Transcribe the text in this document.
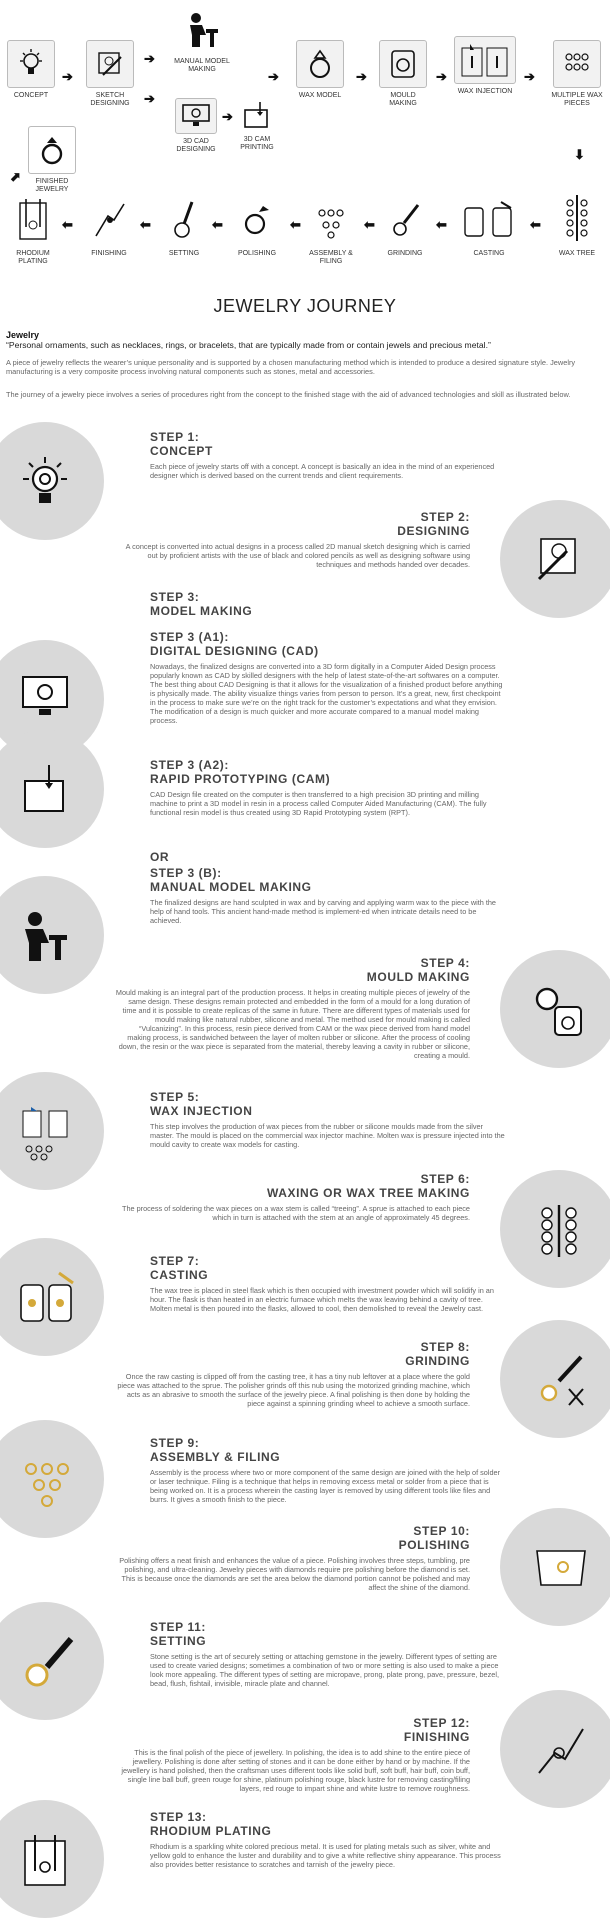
CONCEPT
➔
SKETCH DESIGNING
➔
➔
MANUAL MODEL MAKING
3D CAD DESIGNING
➔
3D CAM PRINTING
➔
WAX MODEL
➔
MOULD MAKING
➔
WAX INJECTION
➔
MULTIPLE WAX PIECES
⬇
FINISHED JEWELRY
⬈
RHODIUM PLATING
⬅
FINISHING
⬅
SETTING
⬅
POLISHING
⬅
ASSEMBLY & FILING
⬅
GRINDING
⬅
CASTING
⬅
WAX TREE
JEWELRY JOURNEY
Jewelry
“Personal ornaments, such as necklaces, rings, or bracelets, that are typically made from or contain jewels and precious metal.”
A piece of jewelry reflects the wearer’s unique personality and is supported by a chosen manufacturing method which is intended to produce a desired signature style. Jewelry manufacturing is a very composite process involving natural components such as stones, metal and accessories.
The journey of a jewelry piece involves a series of procedures right from the concept to the finished stage with the aid of advanced technologies and skill as illustrated below.
STEP 1:
CONCEPT
Each piece of jewelry starts off with a concept. A concept is basically an idea in the mind of an experienced designer which is derived based on the current trends and client requirements.
STEP 2:
DESIGNING
A concept is converted into actual designs in a process called 2D manual sketch designing which is carried out by proficient artists with the use of black and colored pencils as well as designing software using techniques and methods handed over decades.
STEP 3:
MODEL MAKING
STEP 3 (A1):
DIGITAL DESIGNING (CAD)
Nowadays, the finalized designs are converted into a 3D form digitally in a Computer Aided Design process popularly known as CAD by skilled designers with the help of latest state-of-the-art softwares on a computer. The best thing about CAD Designing is that it allows for the visualization of a finished product before anything is physically made. The ability visualize things varies from person to person. It’s a great, new, first checkpoint in the process to make sure we’re on the right track for the customer’s expectations and what they envision. The modification of a design is much quicker and more accurate compared to a manual model making process.
STEP 3 (A2):
RAPID PROTOTYPING (CAM)
CAD Design file created on the computer is then transferred to a high precision 3D printing and milling machine to print a 3D model in resin in a process called Computer Aided Manufacturing (CAM). The fully functional resin model is thus created using 3D Rapid Prototyping system (RPT).
OR
STEP 3 (B):
MANUAL MODEL MAKING
The finalized designs are hand sculpted in wax and by carving and applying warm wax to the piece with the help of hand tools. This ancient hand-made method is implement-ed when intricate details need to be achieved.
STEP 4:
MOULD MAKING
Mould making is an integral part of the production process. It helps in creating multiple pieces of jewelry of the same design. These designs remain protected and embedded in the form of a mould for a long duration of time and it is possible to create replicas of the same in future. There are different types of materials used for mould making like natural rubber, silicone and metal. The method used for mould making is called “Vulcanizing”. In this process, resin piece derived from CAM or the wax piece derived from hand model making process, is sandwiched between the layer of molten rubber or silicone. After the process of cooling down, the resin or the wax piece is separated from the material, thereby leaving a cavity in rubber or silicone, creating a mould.
STEP 5:
WAX INJECTION
This step involves the production of wax pieces from the rubber or silicone moulds made from the silver master. The mould is placed on the commercial wax injector machine. Molten wax is pressure injected into the mould cavity to create wax models for casting.
STEP 6:
WAXING OR WAX TREE MAKING
The process of soldering the wax pieces on a wax stem is called “treeing”. A sprue is attached to each piece which in turn is attached with the stem at an angle of approximately 45 degrees.
STEP 7:
CASTING
The wax tree is placed in steel flask which is then occupied with investment powder which will solidify in an hour. The flask is than heated in an electric furnace which melts the wax leaving behind a cavity of tree. Molten metal is then poured into the flasks, allowed to cool, then demolished to reveal the Jewelry cast.
STEP 8:
GRINDING
Once the raw casting is clipped off from the casting tree, it has a tiny nub leftover at a place where the gold piece was attached to the sprue. The polisher grinds off this nub using the motorized grinding machine, which acts as an abrasive to smooth the surface of the jewelry piece. A final polishing is then done by holding the piece against a spinning grinding wheel to achieve a smooth surface.
STEP 9:
ASSEMBLY & FILING
Assembly is the process where two or more component of the same design are joined with the help of solder or laser technique. Filing is a technique that helps in removing excess metal or solder from a piece that is being worked on. It is a process wherein the casting layer is removed by using different tools like files and burrs. It gives a smooth finish to the piece.
STEP 10:
POLISHING
Polishing offers a neat finish and enhances the value of a piece. Polishing involves three steps, tumbling, pre polishing, and ultra-cleaning. Jewelry pieces with diamonds require pre polishing before the diamond is set. This is because once the diamonds are set the area below the diamond portion cannot be polished and may affect the shine of the diamond.
STEP 11:
SETTING
Stone setting is the art of securely setting or attaching gemstone in the jewelry. Different types of setting are used to create varied designs; sometimes a combination of two or more setting is also used to make a piece look more appealing. The different types of setting are micropave, prong, plate prong, pave, pressure, bezel, bead, flush, fishtail, invisible, miracle plate and channel.
STEP 12:
FINISHING
This is the final polish of the piece of jewellery. In polishing, the idea is to add shine to the entire piece of jewellery. Polishing is done after setting of stones and it can be done either by hand or by machine. If the jewellery is hand polished, then the craftsman uses different tools like solid buff, soft buff, hair buff, coin buff, single line ball buff, green rouge for shine, platinum polishing rouge, black lustre for removing casting/filing layers, red rouge to impart shine and white lustre to remove roughness.
STEP 13:
RHODIUM PLATING
Rhodium is a sparkling white colored precious metal. It is used for plating metals such as silver, white and yellow gold to enhance the luster and durability and to give a white reflective shiny appearance. This process also provides better resistance to scratches and tarnish of the jewelry piece.
